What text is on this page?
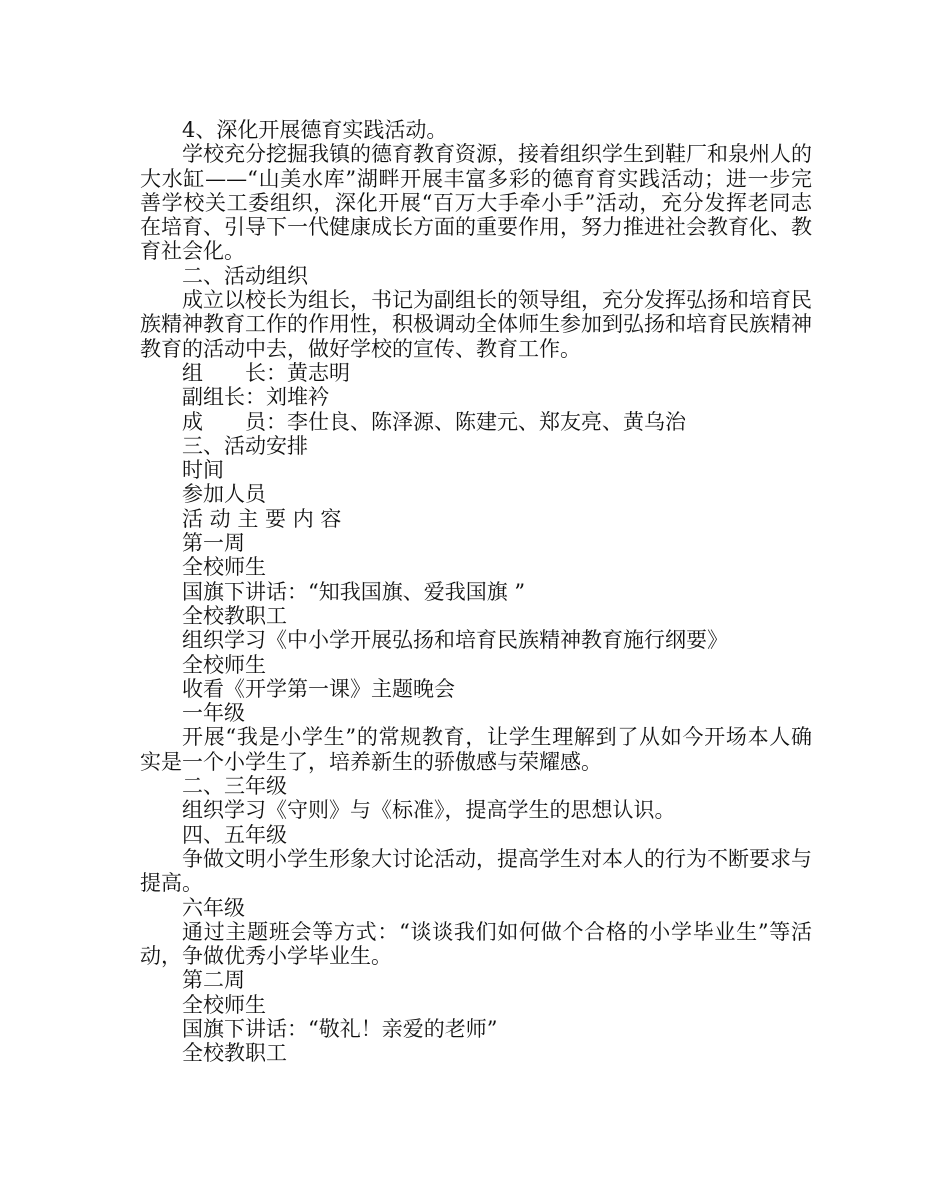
4、深化开展德育实践活动。

学校充分挖掘我镇的德育教育资源，接着组织学生到鞋厂和泉州人的大水缸——“山美水库”湖畔开展丰富多彩的德育育实践活动；进一步完善学校关工委组织，深化开展“百万大手牵小手”活动，充分发挥老同志在培育、引导下一代健康成长方面的重要作用，努力推进社会教育化、教育社会化。

二、活动组织

成立以校长为组长，书记为副组长的领导组，充分发挥弘扬和培育民族精神教育工作的作用性，积极调动全体师生参加到弘扬和培育民族精神教育的活动中去，做好学校的宣传、教育工作。

组　　长：黄志明

副组长：刘堆衿

成　　员：李仕良、陈泽源、陈建元、郑友亮、黄乌治

三、活动安排

时间

参加人员

活 动 主 要 内 容

第一周

全校师生

国旗下讲话：“知我国旗、爱我国旗 ”

全校教职工

组织学习《中小学开展弘扬和培育民族精神教育施行纲要》

全校师生

收看《开学第一课》主题晚会

一年级

开展“我是小学生”的常规教育，让学生理解到了从如今开场本人确实是一个小学生了，培养新生的骄傲感与荣耀感。

二、三年级

组织学习《守则》与《标准》，提高学生的思想认识。

四、五年级

争做文明小学生形象大讨论活动，提高学生对本人的行为不断要求与提高。

六年级

通过主题班会等方式：“谈谈我们如何做个合格的小学毕业生”等活动，争做优秀小学毕业生。

第二周

全校师生

国旗下讲话：“敬礼！亲爱的老师”

全校教职工
